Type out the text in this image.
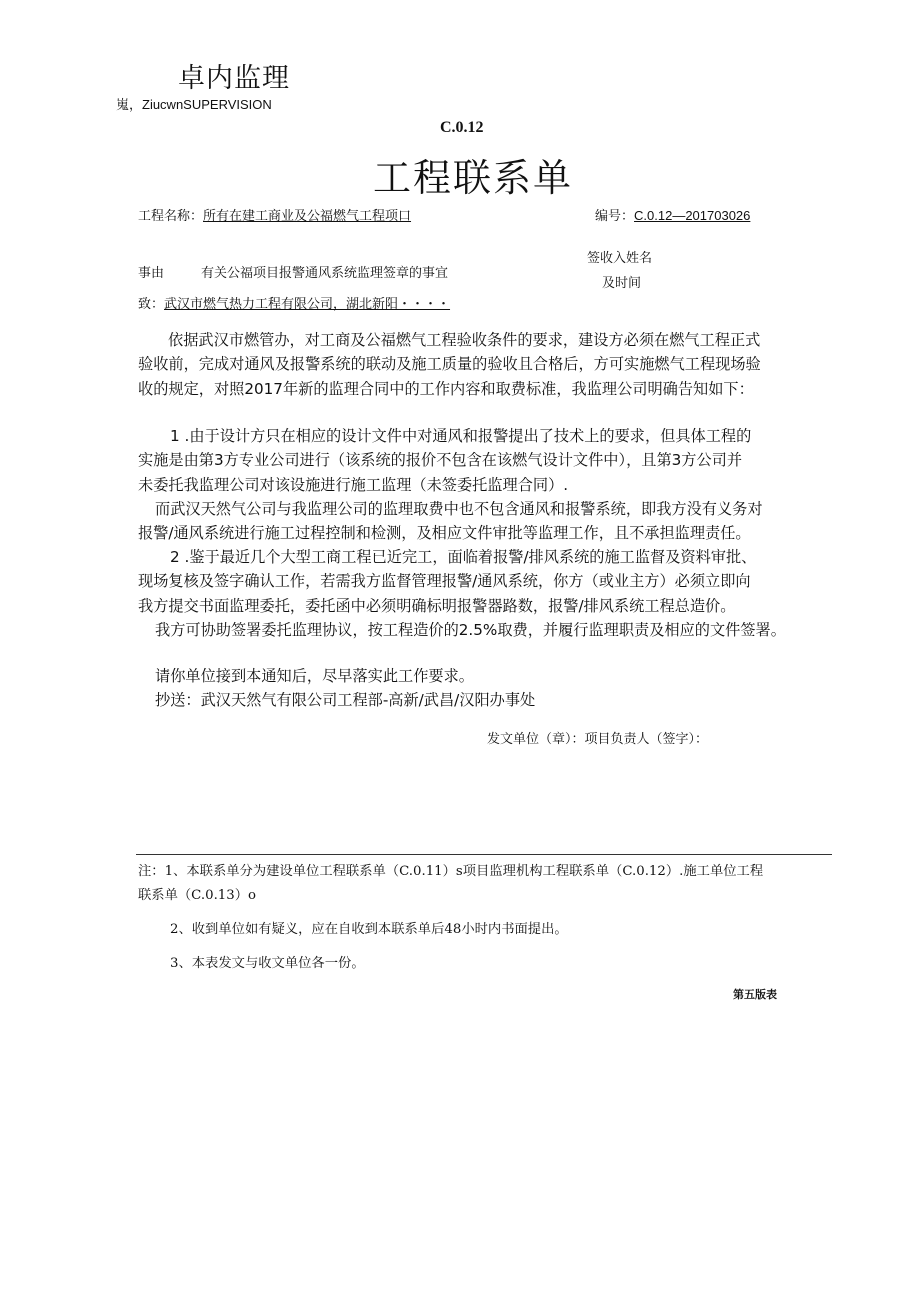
卓内监理
嵬，ZiucwnSUPERVISION
C.0.12
工程联系单
工程名称：所有在建工商业及公福燃气工程项口	编号：C.0.12—201703026
签收入姓名
及时间
事由	有关公福项目报警通风系统监理签章的事宜
致：武汉市燃气热力工程有限公司，湖北新阳・・・・
依据武汉市燃管办，对工商及公福燃气工程验收条件的要求，建设方必须在燃气工程正式
验收前，完成对通风及报警系统的联动及施工质量的验收且合格后，方可实施燃气工程现场验
收的规定，对照2017年新的监理合同中的工作内容和取费标准，我监理公司明确告知如下：
1 .由于设计方只在相应的设计文件中对通风和报警提出了技术上的要求，但具体工程的
实施是由第3方专业公司进行（该系统的报价不包含在该燃气设计文件中），且第3方公司并
未委托我监理公司对该设施进行施工监理（未签委托监理合同）.
而武汉天然气公司与我监理公司的监理取费中也不包含通风和报警系统，即我方没有义务对
报警/通风系统进行施工过程控制和检测，及相应文件审批等监理工作，且不承担监理责任。
2 .鉴于最近几个大型工商工程已近完工，面临着报警/排风系统的施工监督及资料审批、
现场复核及签字确认工作，若需我方监督管理报警/通风系统，你方（或业主方）必须立即向
我方提交书面监理委托，委托函中必须明确标明报警器路数，报警/排风系统工程总造价。
我方可协助签署委托监理协议，按工程造价的2.5%取费，并履行监理职责及相应的文件签署。
请你单位接到本通知后，尽早落实此工作要求。
抄送：武汉天然气有限公司工程部-高新/武昌/汉阳办事处
发文单位（章）：项目负责人（签字）：
注：1、本联系单分为建设单位工程联系单（C.0.11）s项目监理机构工程联系单（C.0.12）.施工单位工程
联系单（C.0.13）o
2、收到单位如有疑义，应在自收到本联系单后48小时内书面提出。
3、本表发文与收文单位各一份。
第五版表
